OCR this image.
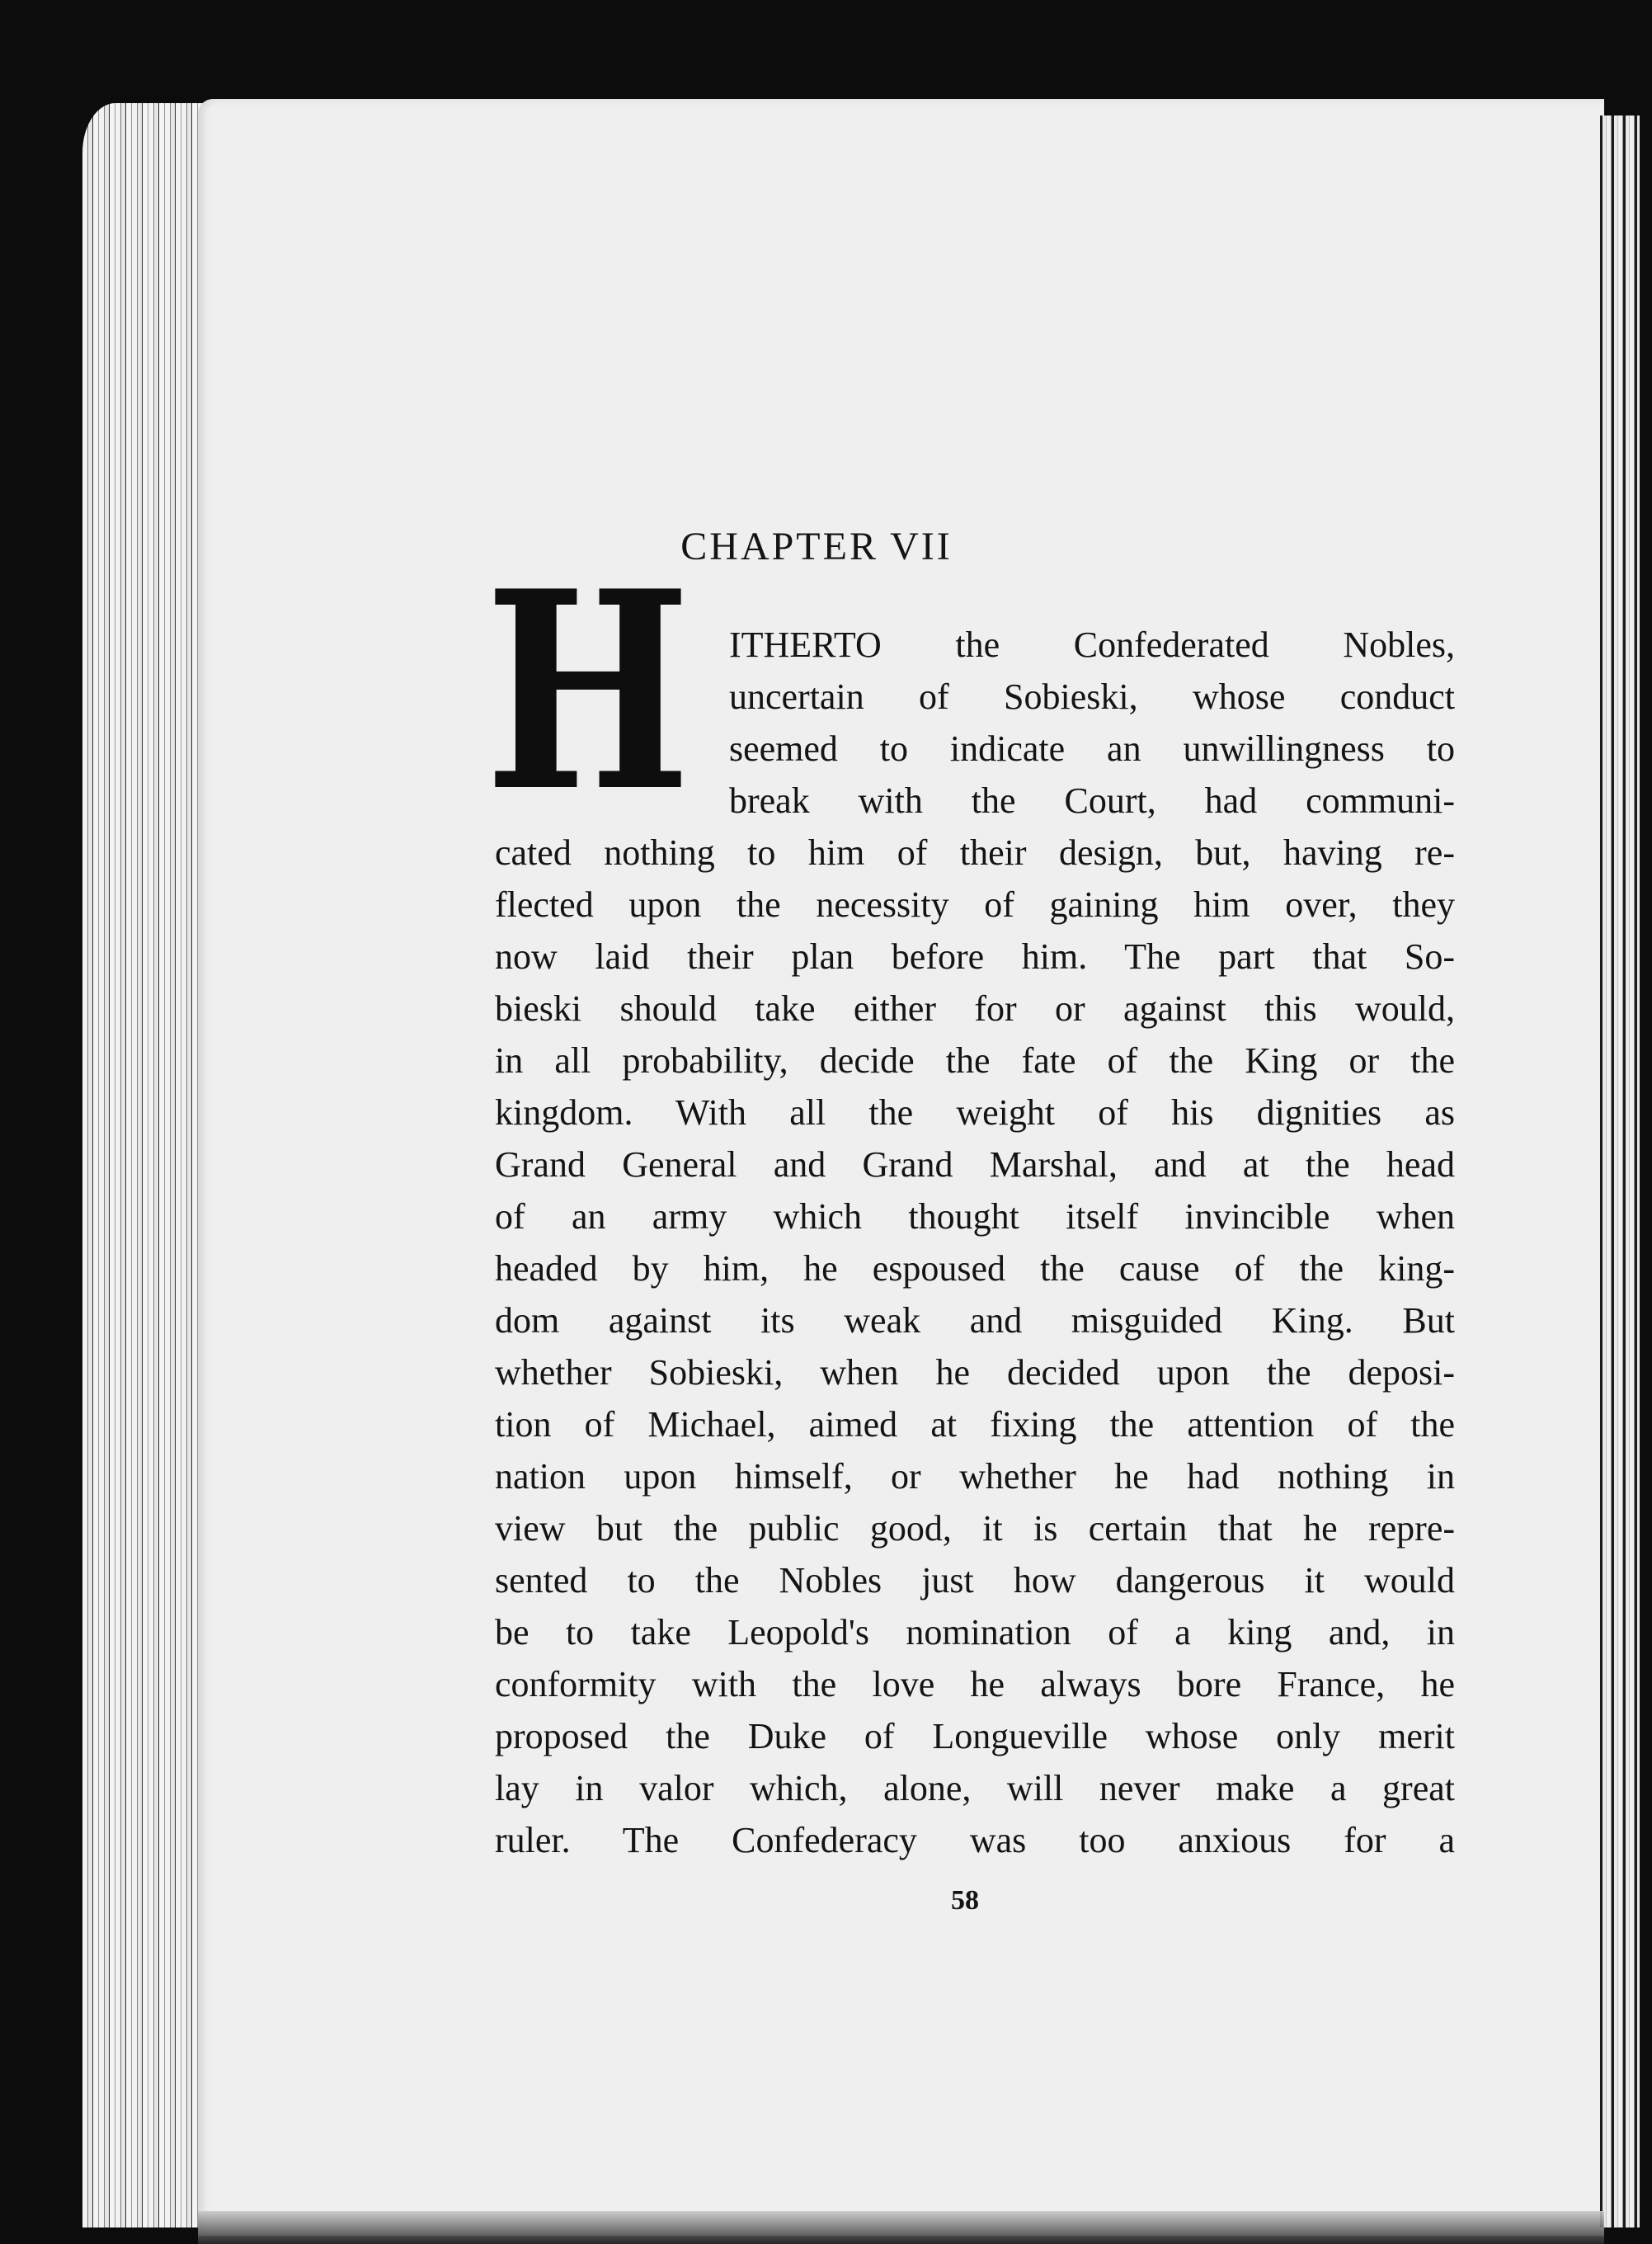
CHAPTER VII
H ITHERTO the Confederated Nobles,
uncertain of Sobieski, whose conduct
seemed to indicate an unwillingness to
break with the Court, had communi-
cated nothing to him of their design, but, having re-
flected upon the necessity of gaining him over, they
now laid their plan before him. The part that So-
bieski should take either for or against this would,
in all probability, decide the fate of the King or the
kingdom. With all the weight of his dignities as
Grand General and Grand Marshal, and at the head
of an army which thought itself invincible when
headed by him, he espoused the cause of the king-
dom against its weak and misguided King. But
whether Sobieski, when he decided upon the deposi-
tion of Michael, aimed at fixing the attention of the
nation upon himself, or whether he had nothing in
view but the public good, it is certain that he repre-
sented to the Nobles just how dangerous it would
be to take Leopold's nomination of a king and, in
conformity with the love he always bore France, he
proposed the Duke of Longueville whose only merit
lay in valor which, alone, will never make a great
ruler. The Confederacy was too anxious for a
58
